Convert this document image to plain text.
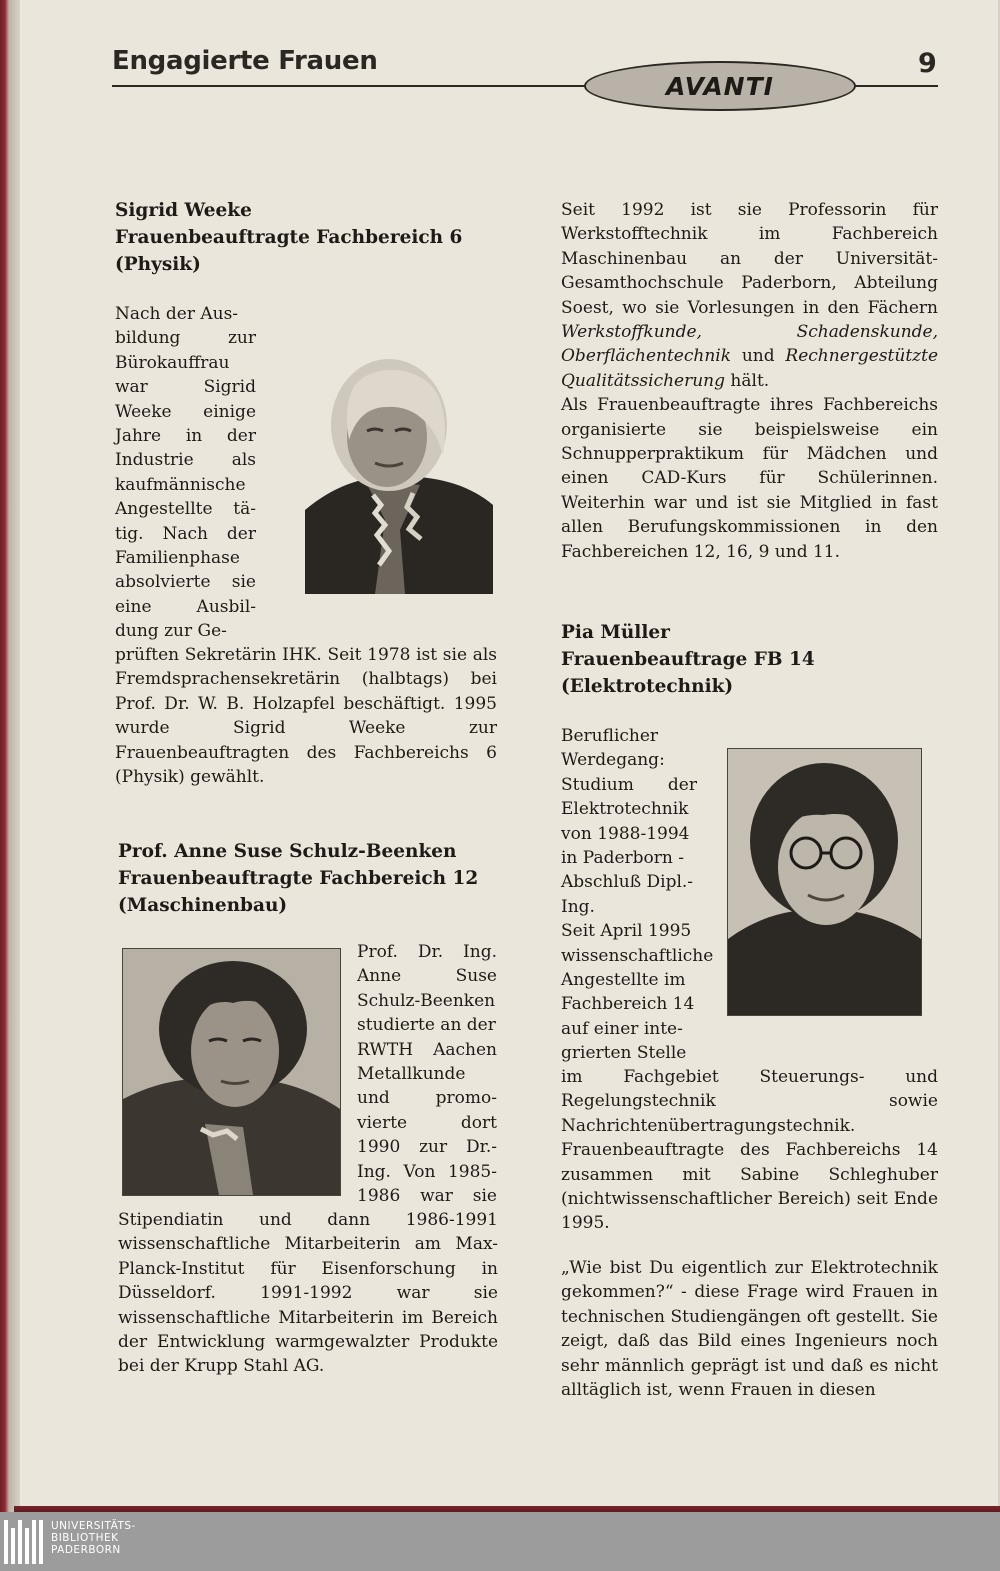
Engagierte Frauen
AVANTI
9
Sigrid Weeke
Frauenbeauftragte Fachbereich 6
(Physik)
Nach der Aus-
bildung	zur
Bürokauffrau
war	Sigrid
Weeke einige
Jahre in der
Industrie als
kaufmännische
Angestellte tä-
tig. Nach der
Familienphase
absolvierte sie
eine	Ausbil-
dung zur Ge-
prüften Sekretärin IHK. Seit 1978 ist sie als Fremdsprachensekretärin (halbtags) bei Prof. Dr. W. B. Holzapfel beschäftigt. 1995 wurde Sigrid Weeke zur Frauenbeauftragten des Fachbereichs 6 (Physik) gewählt.
Prof. Anne Suse Schulz-Beenken
Frauenbeauftragte Fachbereich 12
(Maschinenbau)
Prof. Dr. Ing.
Anne	Suse
Schulz-Beenken
studierte an der
RWTH Aachen
Metallkunde
und	promo-
vierte	dort
1990 zur Dr.-
Ing. Von 1985-
1986 war sie
Stipendiatin und dann 1986-1991 wissenschaftliche Mitarbeiterin am Max-Planck-Institut für Eisenforschung in Düsseldorf. 1991-1992 war sie wissenschaftliche Mitarbeiterin im Bereich der Entwicklung warmgewalzter Produkte bei der Krupp Stahl AG.
Seit 1992 ist sie Professorin für Werkstofftechnik im Fachbereich Maschinenbau an der Universität-Gesamthochschule Paderborn, Abteilung Soest, wo sie Vorlesungen in den Fächern Werkstoffkunde, Schadenskunde, Oberflächentechnik und Rechnergestützte Qualitätssicherung hält.
Als Frauenbeauftragte ihres Fachbereichs organisierte sie beispielsweise ein Schnupperpraktikum für Mädchen und einen CAD-Kurs für Schülerinnen. Weiterhin war und ist sie Mitglied in fast allen Berufungskommissionen in den Fachbereichen 12, 16, 9 und 11.
Pia Müller
Frauenbeauftrage FB 14
(Elektrotechnik)
Beruflicher
Werdegang:
Studium der
Elektrotechnik
von 1988-1994
in Paderborn -
Abschluß Dipl.-
Ing.
Seit April 1995
wissenschaftliche
Angestellte im
Fachbereich 14
auf einer inte-
grierten Stelle
im Fachgebiet Steuerungs- und Regelungstechnik sowie Nachrichtenübertragungstechnik. Frauenbeauftragte des Fachbereichs 14 zusammen mit Sabine Schleghuber (nichtwissenschaftlicher Bereich) seit Ende 1995.
„Wie bist Du eigentlich zur Elektrotechnik gekommen?“ - diese Frage wird Frauen in technischen Studiengängen oft gestellt. Sie zeigt, daß das Bild eines Ingenieurs noch sehr männlich geprägt ist und daß es nicht alltäglich ist, wenn Frauen in diesen
UNIVERSITÄTS-
BIBLIOTHEK
PADERBORN
